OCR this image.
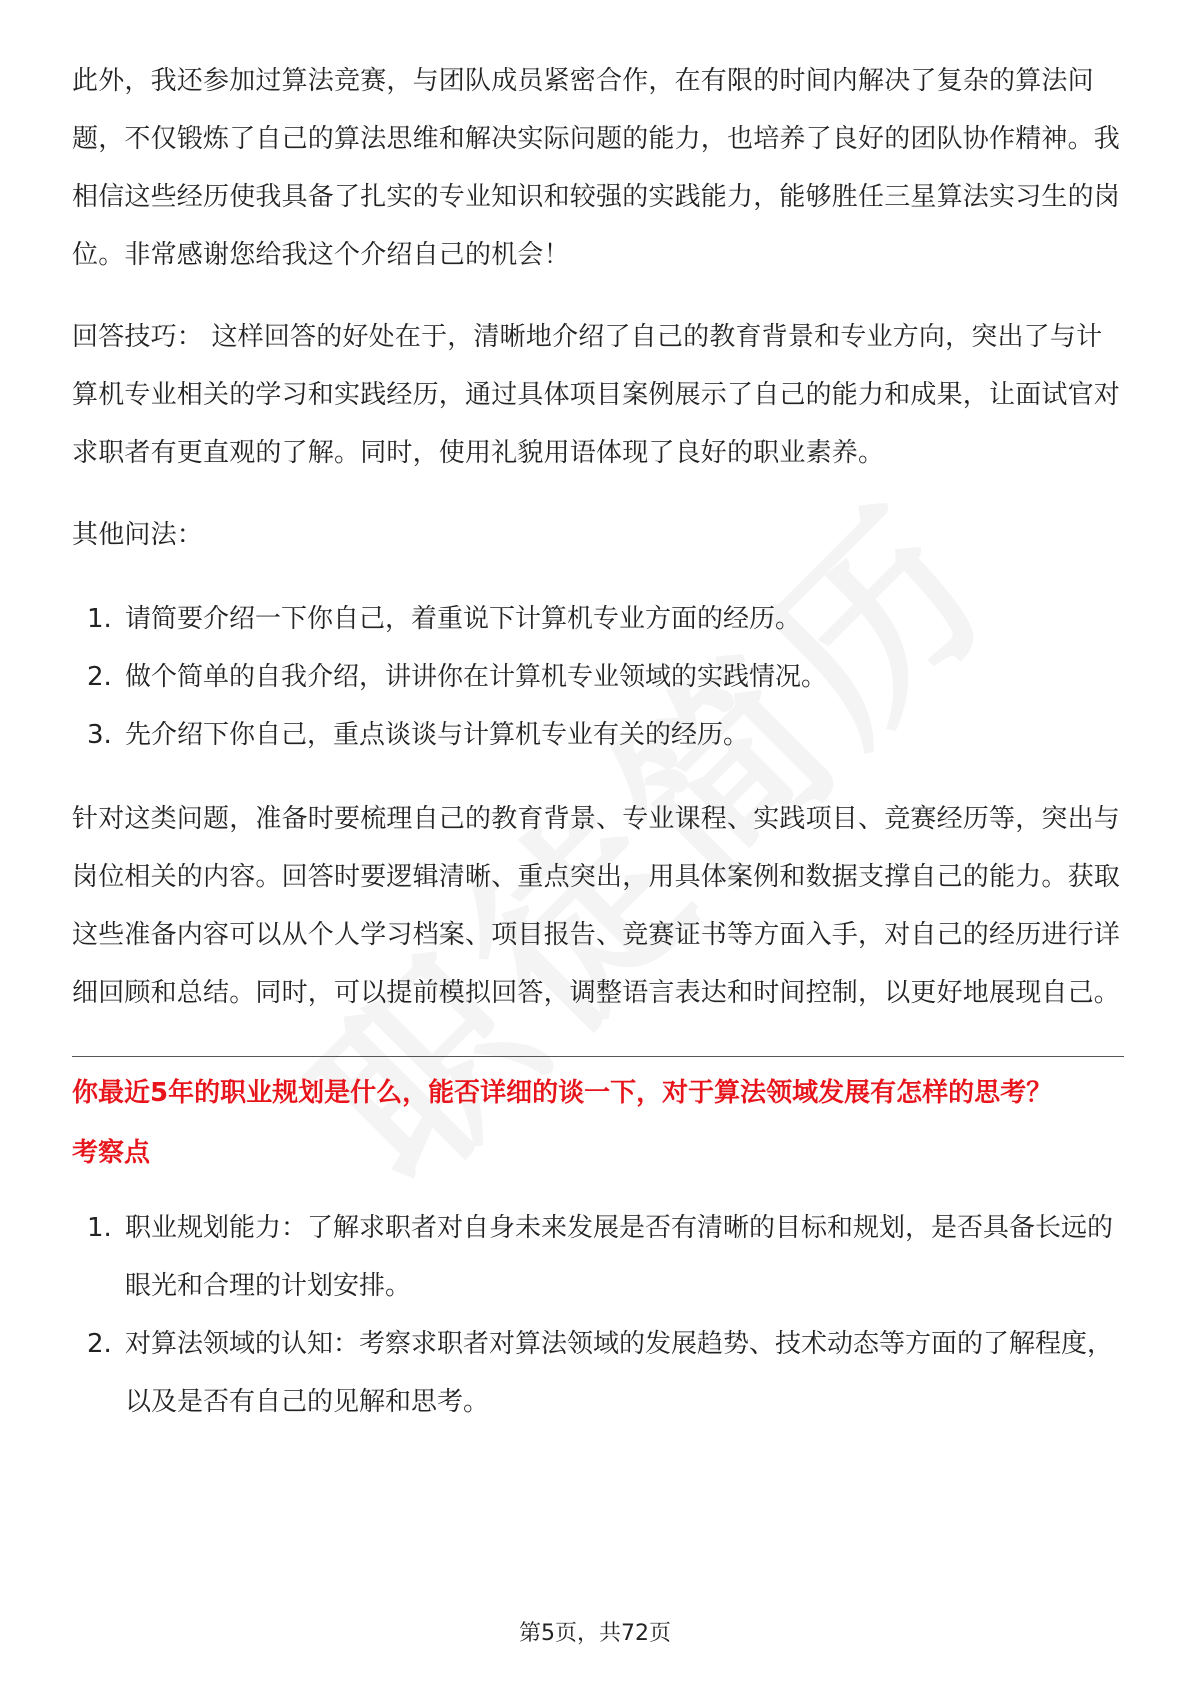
此外，我还参加过算法竞赛，与团队成员紧密合作，在有限的时间内解决了复杂的算法问题，不仅锻炼了自己的算法思维和解决实际问题的能力，也培养了良好的团队协作精神。我相信这些经历使我具备了扎实的专业知识和较强的实践能力，能够胜任三星算法实习生的岗位。非常感谢您给我这个介绍自己的机会！

回答技巧： 这样回答的好处在于，清晰地介绍了自己的教育背景和专业方向，突出了与计算机专业相关的学习和实践经历，通过具体项目案例展示了自己的能力和成果，让面试官对求职者有更直观的了解。同时，使用礼貌用语体现了良好的职业素养。

其他问法：

1. 请简要介绍一下你自己，着重说下计算机专业方面的经历。
2. 做个简单的自我介绍，讲讲你在计算机专业领域的实践情况。
3. 先介绍下你自己，重点谈谈与计算机专业有关的经历。

针对这类问题，准备时要梳理自己的教育背景、专业课程、实践项目、竞赛经历等，突出与岗位相关的内容。回答时要逻辑清晰、重点突出，用具体案例和数据支撑自己的能力。获取这些准备内容可以从个人学习档案、项目报告、竞赛证书等方面入手，对自己的经历进行详细回顾和总结。同时，可以提前模拟回答，调整语言表达和时间控制，以更好地展现自己。

你最近5年的职业规划是什么，能否详细的谈一下，对于算法领域发展有怎样的思考？
考察点
1. 职业规划能力：了解求职者对自身未来发展是否有清晰的目标和规划，是否具备长远的眼光和合理的计划安排。
2. 对算法领域的认知：考察求职者对算法领域的发展趋势、技术动态等方面的了解程度，以及是否有自己的见解和思考。
第5页，共72页
